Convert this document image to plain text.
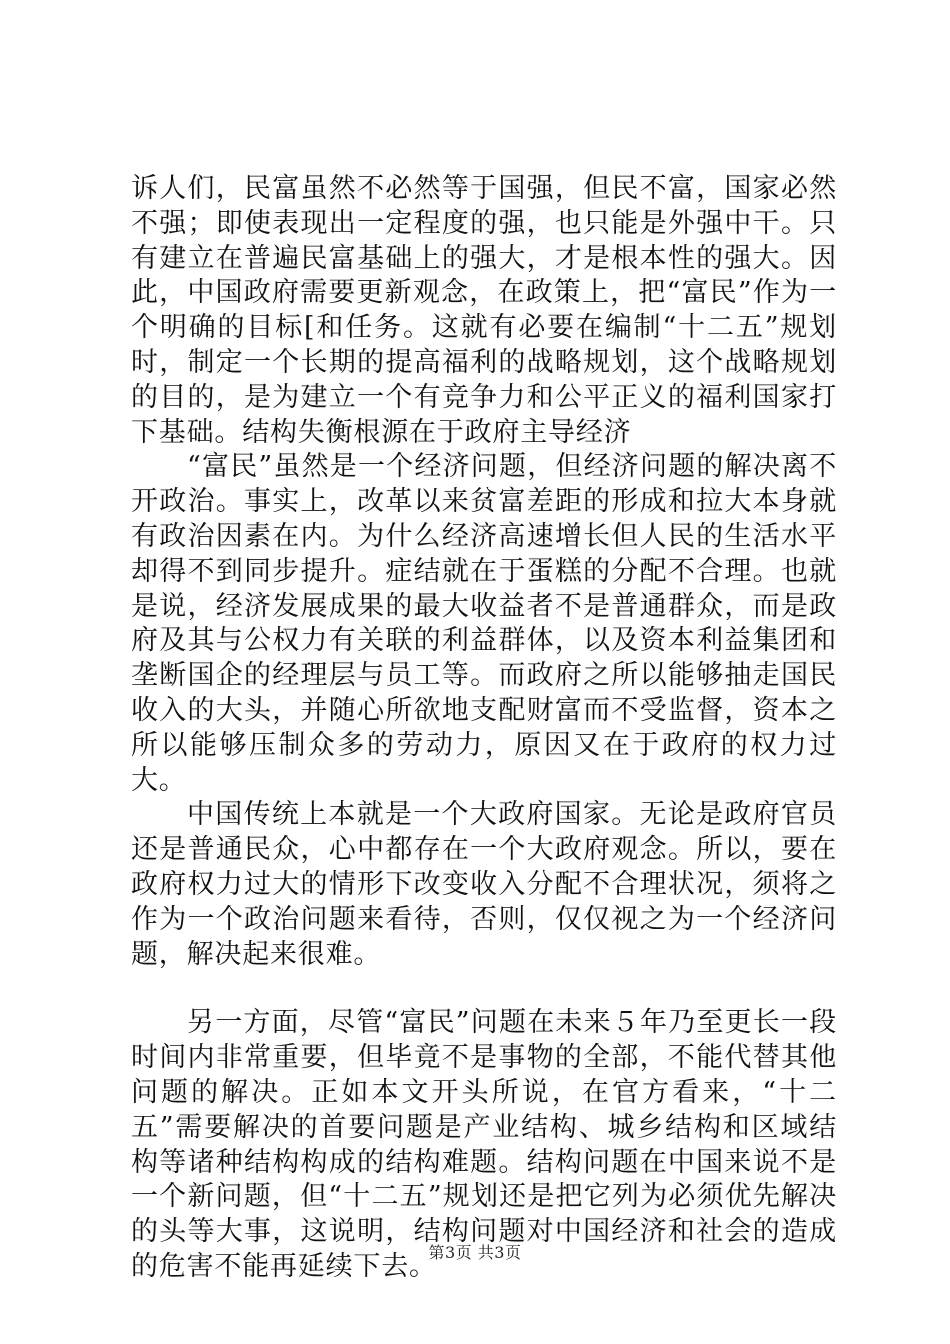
诉人们，民富虽然不必然等于国强，但民不富，国家必然不强；即使表现出一定程度的强，也只能是外强中干。只有建立在普遍民富基础上的强大，才是根本性的强大。因此，中国政府需要更新观念，在政策上，把“富民”作为一个明确的目标[和任务。这就有必要在编制“十二五”规划时，制定一个长期的提高福利的战略规划，这个战略规划的目的，是为建立一个有竞争力和公平正义的福利国家打下基础。结构失衡根源在于政府主导经济

“富民”虽然是一个经济问题，但经济问题的解决离不开政治。事实上，改革以来贫富差距的形成和拉大本身就有政治因素在内。为什么经济高速增长但人民的生活水平却得不到同步提升。症结就在于蛋糕的分配不合理。也就是说，经济发展成果的最大收益者不是普通群众，而是政府及其与公权力有关联的利益群体，以及资本利益集团和垄断国企的经理层与员工等。而政府之所以能够抽走国民收入的大头，并随心所欲地支配财富而不受监督，资本之所以能够压制众多的劳动力，原因又在于政府的权力过大。

中国传统上本就是一个大政府国家。无论是政府官员还是普通民众，心中都存在一个大政府观念。所以，要在政府权力过大的情形下改变收入分配不合理状况，须将之作为一个政治问题来看待，否则，仅仅视之为一个经济问题，解决起来很难。

另一方面，尽管“富民”问题在未来５年乃至更长一段时间内非常重要，但毕竟不是事物的全部，不能代替其他问题的解决。正如本文开头所说，在官方看来，“十二五”需要解决的首要问题是产业结构、城乡结构和区域结构等诸种结构构成的结构难题。结构问题在中国来说不是一个新问题，但“十二五”规划还是把它列为必须优先解决的头等大事，这说明，结构问题对中国经济和社会的造成的危害不能再延续下去。

第3页 共3页
